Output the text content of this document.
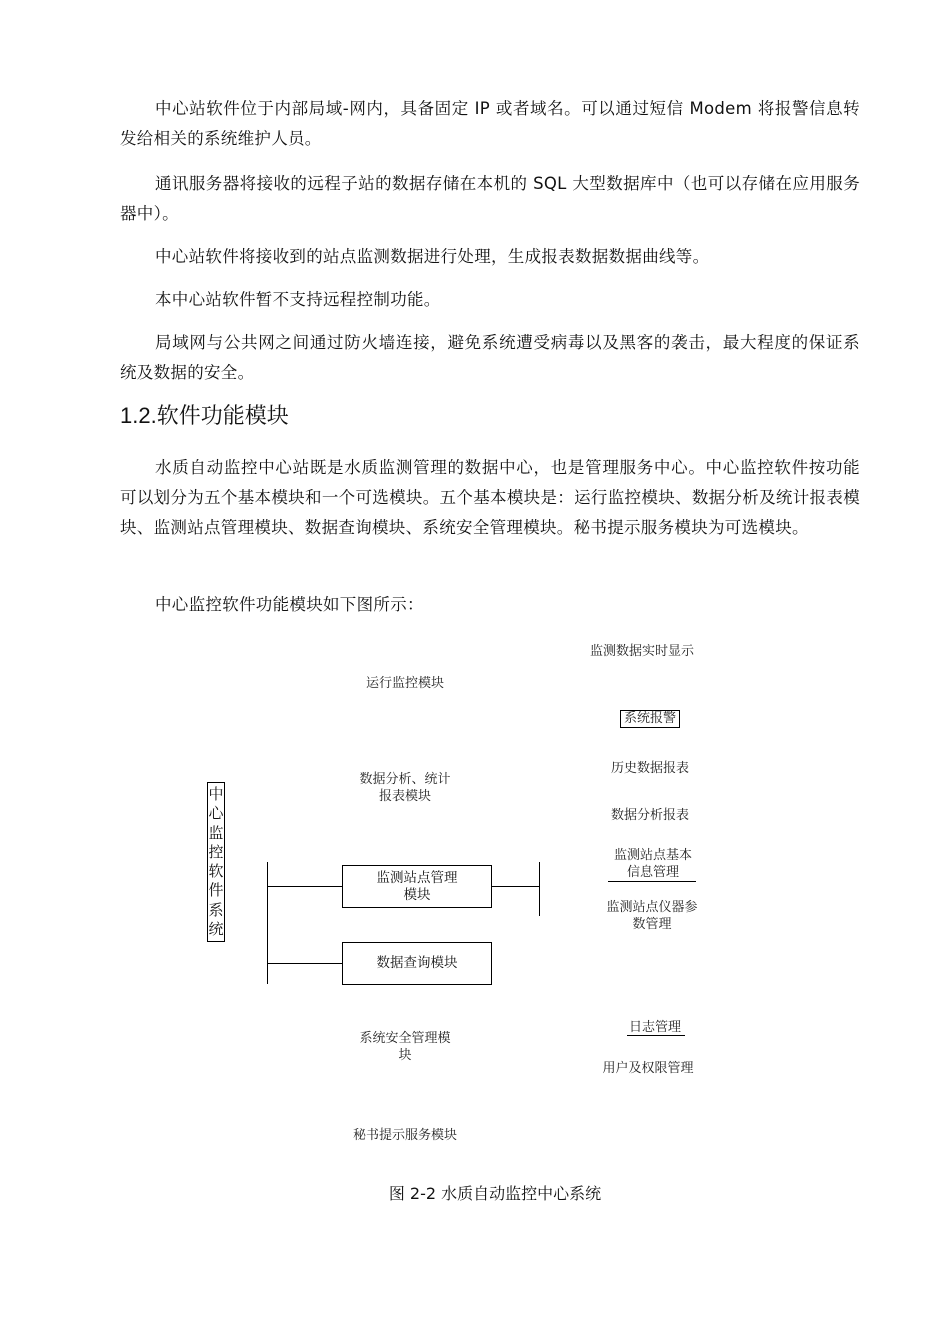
中心站软件位于内部局域-网内，具备固定 IP 或者域名。可以通过短信 Modem 将报警信息转发给相关的系统维护人员。

通讯服务器将接收的远程子站的数据存储在本机的 SQL 大型数据库中（也可以存储在应用服务器中）。

中心站软件将接收到的站点监测数据进行处理，生成报表数据数据曲线等。

本中心站软件暂不支持远程控制功能。

局域网与公共网之间通过防火墙连接，避免系统遭受病毒以及黑客的袭击，最大程度的保证系统及数据的安全。

1.2.软件功能模块

水质自动监控中心站既是水质监测管理的数据中心，也是管理服务中心。中心监控软件按功能可以划分为五个基本模块和一个可选模块。五个基本模块是：运行监控模块、数据分析及统计报表模块、监测站点管理模块、数据查询模块、系统安全管理模块。秘书提示服务模块为可选模块。

中心监控软件功能模块如下图所示：

中
心
监
控
软
件
系
统
运行监控模块
数据分析、统计
报表模块
监测站点管理
模块
数据查询模块
系统安全管理模
块
秘书提示服务模块
监测数据实时显示
系统报警
历史数据报表
数据分析报表
监测站点基本
信息管理
监测站点仪器参
数管理
日志管理
用户及权限管理

图 2-2 水质自动监控中心系统
